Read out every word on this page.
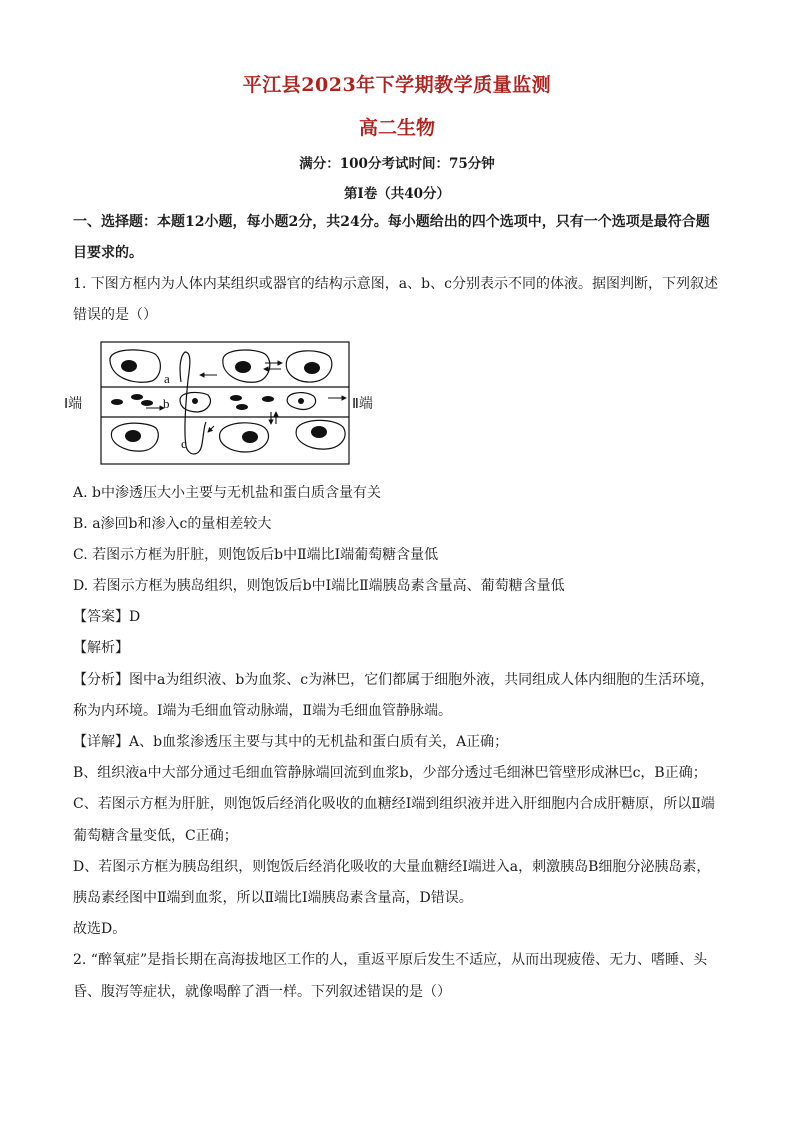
平江县2023年下学期教学质量监测
高二生物
满分：100分考试时间：75分钟
第Ⅰ卷（共40分）
一、选择题：本题12小题，每小题2分，共24分。每小题给出的四个选项中，只有一个选项是最符合题
目要求的。
1. 下图方框内为人体内某组织或器官的结构示意图，a、b、c分别表示不同的体液。据图判断，下列叙述
错误的是（）
Ⅰ端	Ⅱ端
a
b
c
A. b中渗透压大小主要与无机盐和蛋白质含量有关
B. a渗回b和渗入c的量相差较大
C. 若图示方框为肝脏，则饱饭后b中Ⅱ端比Ⅰ端葡萄糖含量低
D. 若图示方框为胰岛组织，则饱饭后b中Ⅰ端比Ⅱ端胰岛素含量高、葡萄糖含量低
【答案】D
【解析】
【分析】图中a为组织液、b为血浆、c为淋巴，它们都属于细胞外液，共同组成人体内细胞的生活环境，
称为内环境。Ⅰ端为毛细血管动脉端，Ⅱ端为毛细血管静脉端。
【详解】A、b血浆渗透压主要与其中的无机盐和蛋白质有关，A正确；
B、组织液a中大部分通过毛细血管静脉端回流到血浆b，少部分透过毛细淋巴管壁形成淋巴c，B正确；
C、若图示方框为肝脏，则饱饭后经消化吸收的血糖经Ⅰ端到组织液并进入肝细胞内合成肝糖原，所以Ⅱ端
葡萄糖含量变低，C正确；
D、若图示方框为胰岛组织，则饱饭后经消化吸收的大量血糖经Ⅰ端进入a，刺激胰岛B细胞分泌胰岛素，
胰岛素经图中Ⅱ端到血浆，所以Ⅱ端比Ⅰ端胰岛素含量高，D错误。
故选D。
2. “醉氧症”是指长期在高海拔地区工作的人，重返平原后发生不适应，从而出现疲倦、无力、嗜睡、头
昏、腹泻等症状，就像喝醉了酒一样。下列叙述错误的是（）
